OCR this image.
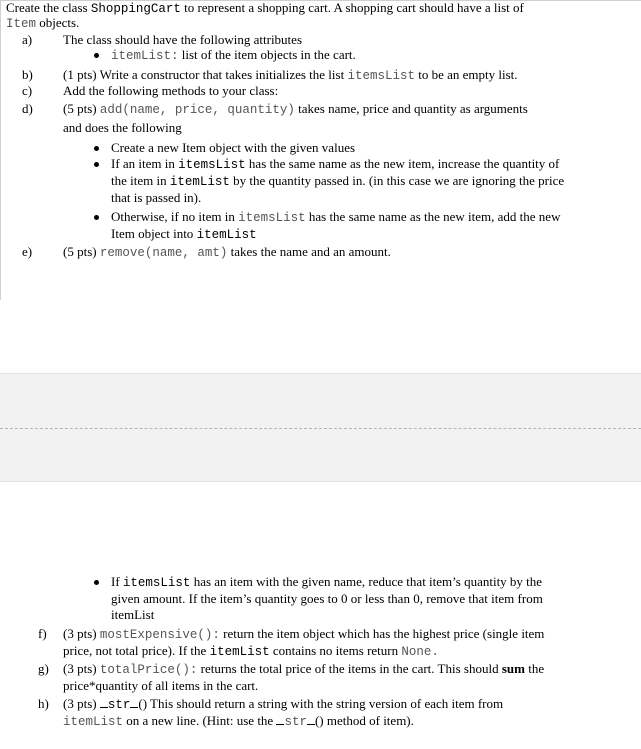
Create the class ShoppingCart to represent a shopping cart. A shopping cart should have a list of
Item objects.
a) The class should have the following attributes
itemList: list of the item objects in the cart.
b) (1 pts) Write a constructor that takes initializes the list itemsList to be an empty list.
c) Add the following methods to your class:
d) (5 pts) add(name, price, quantity) takes name, price and quantity as arguments
and does the following
Create a new Item object with the given values
If an item in itemsList has the same name as the new item, increase the quantity of
the item in itemList by the quantity passed in. (in this case we are ignoring the price
that is passed in).
Otherwise, if no item in itemsList has the same name as the new item, add the new
Item object into itemList
e) (5 pts) remove(name, amt) takes the name and an amount.
If itemsList has an item with the given name, reduce that item’s quantity by the
given amount. If the item’s quantity goes to 0 or less than 0, remove that item from
itemList
f) (3 pts) mostExpensive(): return the item object which has the highest price (single item
price, not total price). If the itemList contains no items return None.
g) (3 pts) totalPrice(): returns the total price of the items in the cart. This should sum the
price*quantity of all items in the cart.
h) (3 pts) str () This should return a string with the string version of each item from
itemList on a new line. (Hint: use the str () method of item).
